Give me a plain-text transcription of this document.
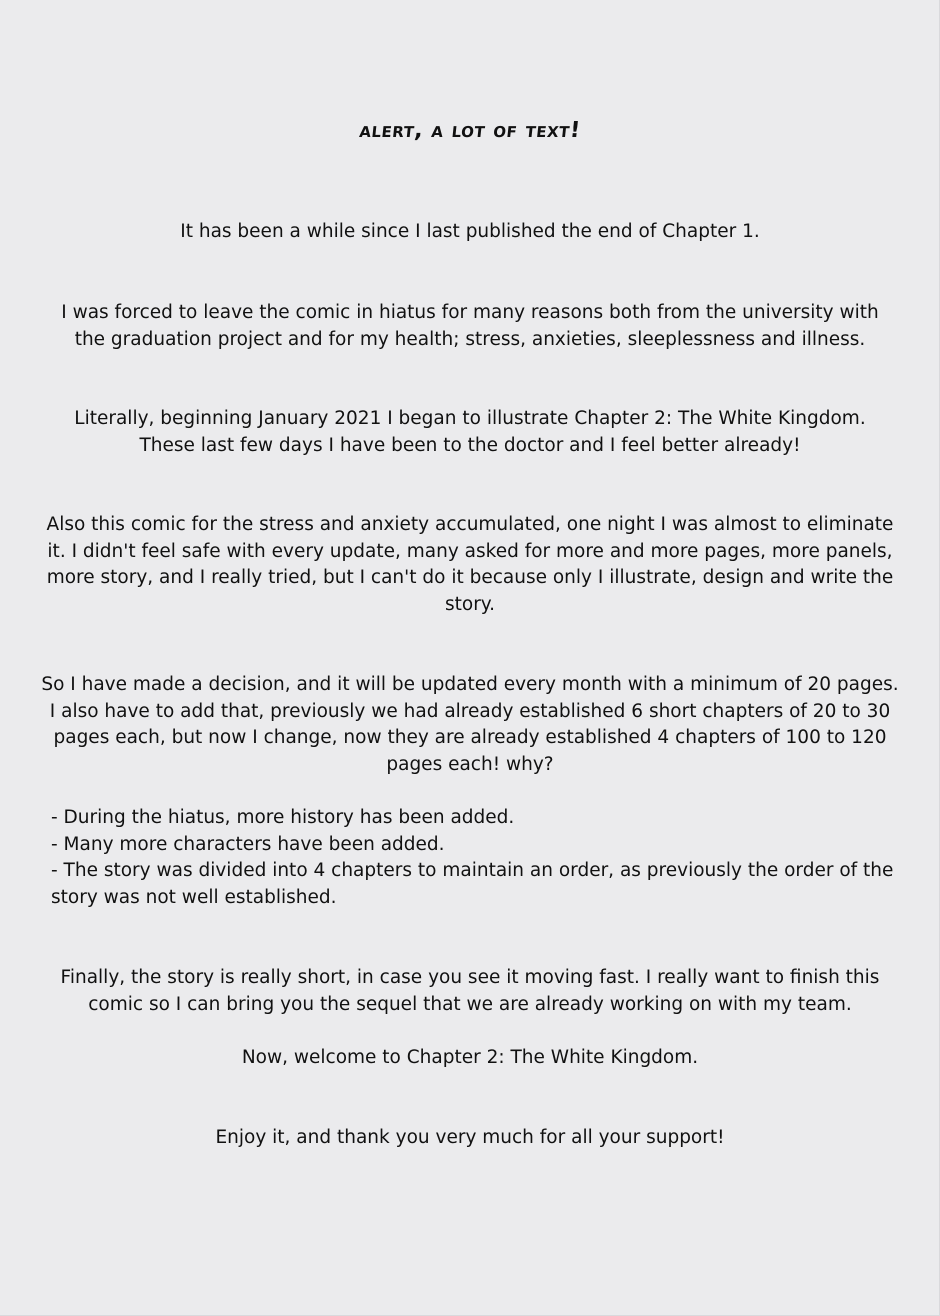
alert, a lot of text!
It has been a while since I last published the end of Chapter 1.
I was forced to leave the comic in hiatus for many reasons both from the university with
the graduation project and for my health; stress, anxieties, sleeplessness and illness.
Literally, beginning January 2021 I began to illustrate Chapter 2: The White Kingdom.
These last few days I have been to the doctor and I feel better already!
Also this comic for the stress and anxiety accumulated, one night I was almost to eliminate
it. I didn't feel safe with every update, many asked for more and more pages, more panels,
more story, and I really tried, but I can't do it because only I illustrate, design and write the
story.
So I have made a decision, and it will be updated every month with a minimum of 20 pages.
I also have to add that, previously we had already established 6 short chapters of 20 to 30
pages each, but now I change, now they are already established 4 chapters of 100 to 120
pages each! why?
- During the hiatus, more history has been added.
- Many more characters have been added.
- The story was divided into 4 chapters to maintain an order, as previously the order of the
story was not well established.
Finally, the story is really short, in case you see it moving fast. I really want to finish this
comic so I can bring you the sequel that we are already working on with my team.
Now, welcome to Chapter 2: The White Kingdom.
Enjoy it, and thank you very much for all your support!
